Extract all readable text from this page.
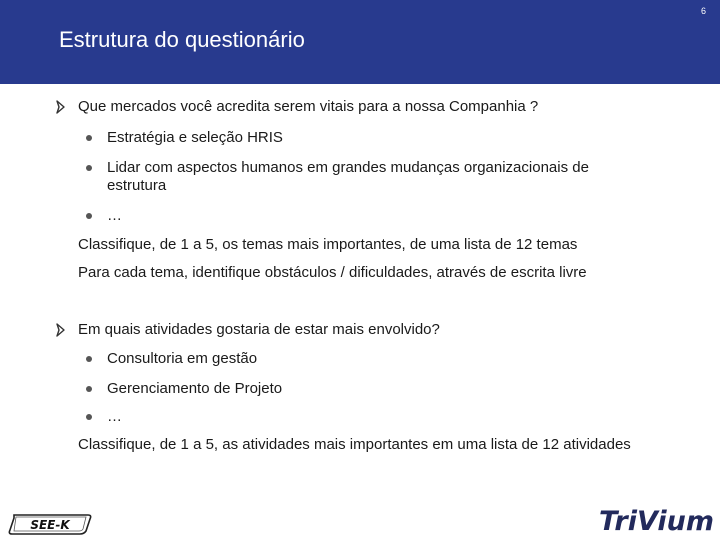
Estrutura do questionário
6
Que mercados você acredita serem vitais para a nossa Companhia ?
Estratégia e seleção HRIS
Lidar com aspectos humanos em grandes mudanças organizacionais de estrutura
…
Classifique, de 1 a 5, os temas mais importantes, de uma lista de 12 temas
Para cada tema, identifique obstáculos / dificuldades, através de escrita livre
Em quais atividades gostaria de estar mais envolvido?
Consultoria em gestão
Gerenciamento de Projeto
…
Classifique, de 1 a 5, as atividades mais importantes em uma lista de 12 atividades
SEE-K	TriVium
